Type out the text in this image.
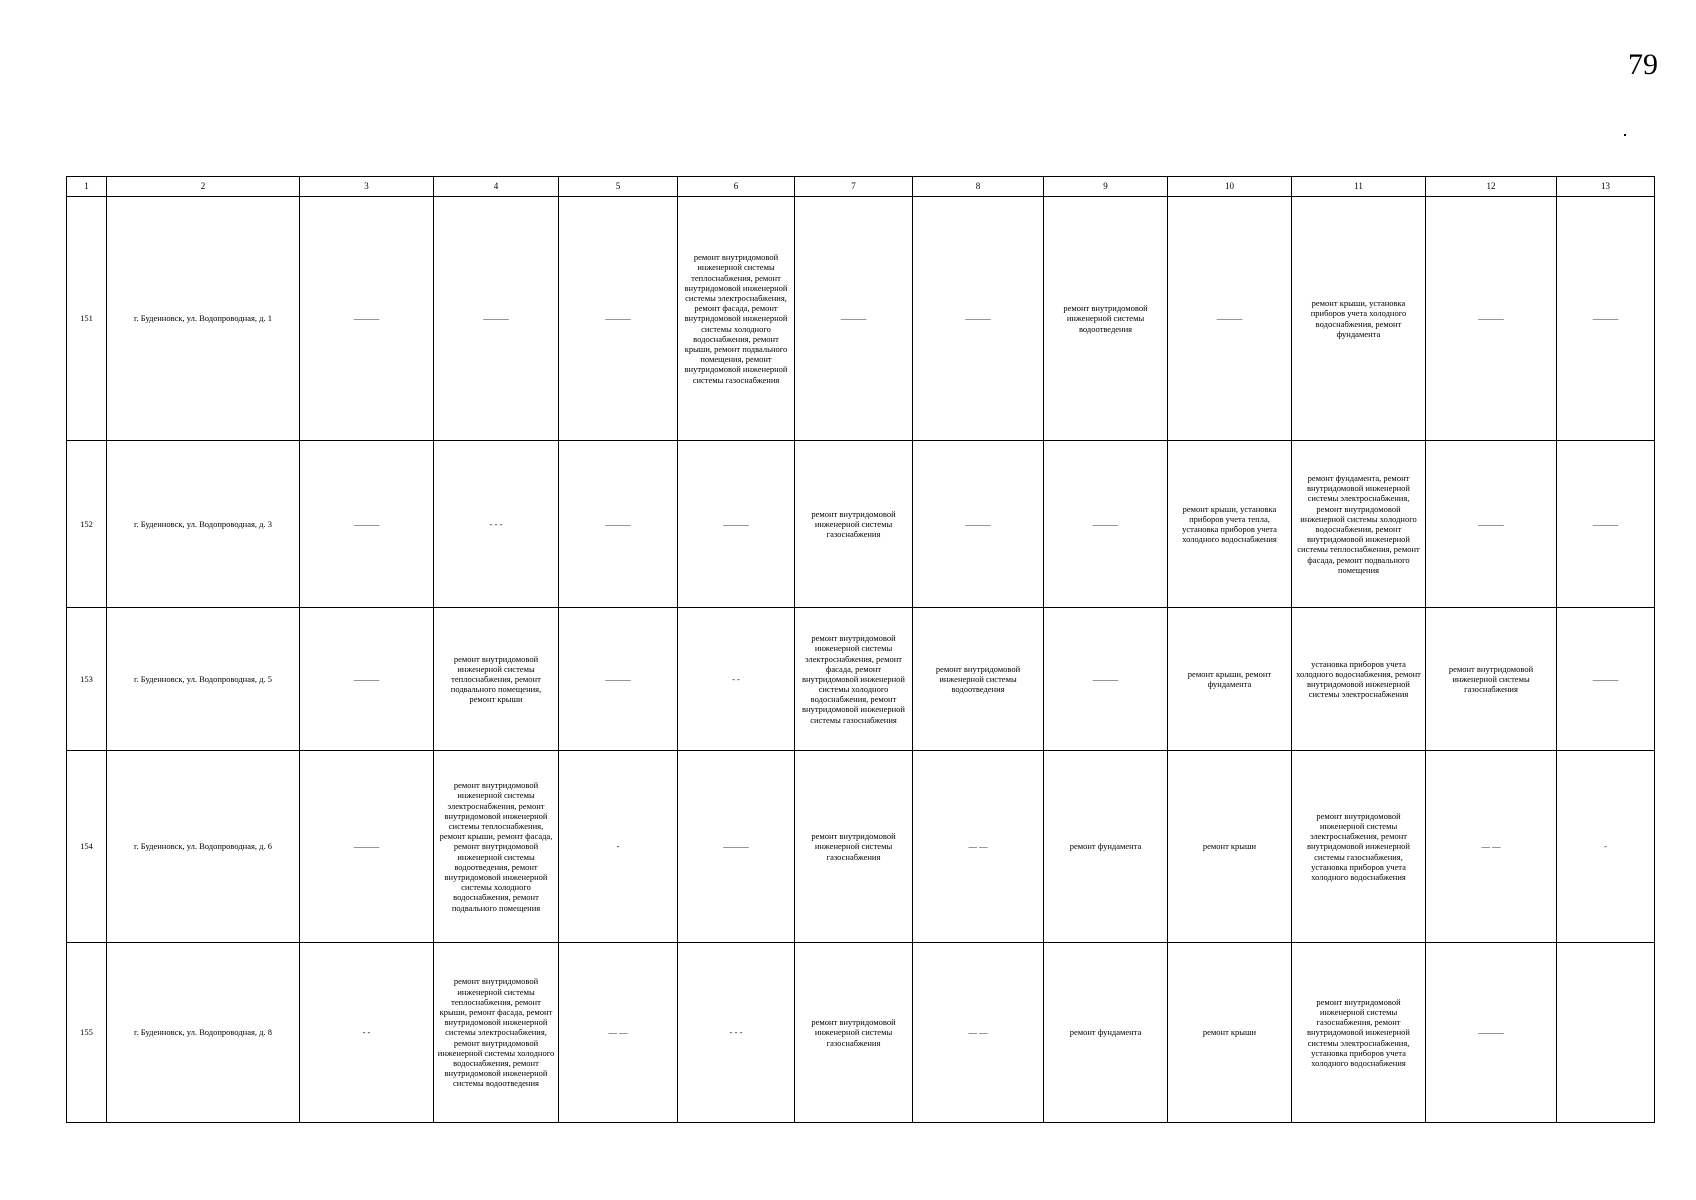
79
1	2	3	4	5	6	7	8	9	10	11	12	13
151	г. Буденновск, ул. Водопроводная, д. 1	———	———	———	ремонт внутридомовой инженерной системы теплоснабжения, ремонт внутридомовой инженерной системы электроснабжения, ремонт фасада, ремонт внутридомовой инженерной системы холодного водоснабжения, ремонт крыши, ремонт подвального помещения, ремонт внутридомовой инженерной системы газоснабжения	———	———	ремонт внутридомовой инженерной системы водоотведения	———	ремонт крыши, установка приборов учета холодного водоснабжения, ремонт фундамента	———	———
152	г. Буденновск, ул. Водопроводная, д. 3	———	- - -	———	———	ремонт внутридомовой инженерной системы газоснабжения	———	———	ремонт крыши, установка приборов учета тепла, установка приборов учета холодного водоснабжения	ремонт фундамента, ремонт внутридомовой инженерной системы электроснабжения, ремонт внутридомовой инженерной системы холодного водоснабжения, ремонт внутридомовой инженерной системы теплоснабжения, ремонт фасада, ремонт подвального помещения	———	———
153	г. Буденновск, ул. Водопроводная, д. 5	———	ремонт внутридомовой инженерной системы теплоснабжения, ремонт подвального помещения, ремонт крыши	———	- -	ремонт внутридомовой инженерной системы электроснабжения, ремонт фасада, ремонт внутридомовой инженерной системы холодного водоснабжения, ремонт внутридомовой инженерной системы газоснабжения	ремонт внутридомовой инженерной системы водоотведения	———	ремонт крыши, ремонт фундамента	установка приборов учета холодного водоснабжения, ремонт внутридомовой инженерной системы электроснабжения	ремонт внутридомовой инженерной системы газоснабжения	———
154	г. Буденновск, ул. Водопроводная, д. 6	———	ремонт внутридомовой инженерной системы электроснабжения, ремонт внутридомовой инженерной системы теплоснабжения, ремонт крыши, ремонт фасада, ремонт внутридомовой инженерной системы водоотведения, ремонт внутридомовой инженерной системы холодного водоснабжения, ремонт подвального помещения	-	———	ремонт внутридомовой инженерной системы газоснабжения	— —	ремонт фундамента	ремонт крыши	ремонт внутридомовой инженерной системы электроснабжения, ремонт внутридомовой инженерной системы газоснабжения, установка приборов учета холодного водоснабжения	— —	-
155	г. Буденновск, ул. Водопроводная, д. 8	- -	ремонт внутридомовой инженерной системы теплоснабжения, ремонт крыши, ремонт фасада, ремонт внутридомовой инженерной системы электроснабжения, ремонт внутридомовой инженерной системы холодного водоснабжения, ремонт внутридомовой инженерной системы водоотведения	— —	- - -	ремонт внутридомовой инженерной системы газоснабжения	— —	ремонт фундамента	ремонт крыши	ремонт внутридомовой инженерной системы газоснабжения, ремонт внутридомовой инженерной системы электроснабжения, установка приборов учета холодного водоснабжения	———	
